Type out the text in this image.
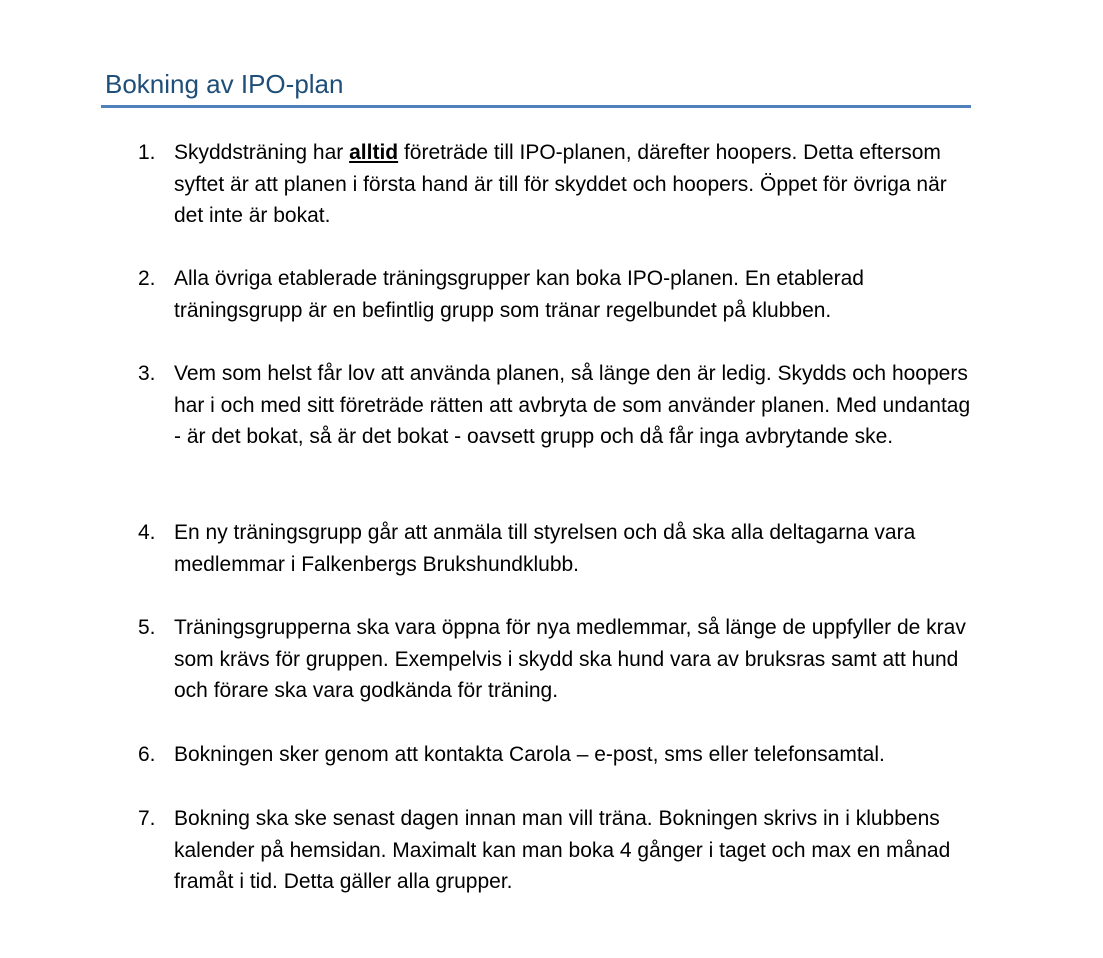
Bokning av IPO-plan
1. Skyddsträning har alltid företräde till IPO-planen, därefter hoopers. Detta eftersom syftet är att planen i första hand är till för skyddet och hoopers. Öppet för övriga när det inte är bokat.
2. Alla övriga etablerade träningsgrupper kan boka IPO-planen. En etablerad träningsgrupp är en befintlig grupp som tränar regelbundet på klubben.
3. Vem som helst får lov att använda planen, så länge den är ledig. Skydds och hoopers har i och med sitt företräde rätten att avbryta de som använder planen. Med undantag - är det bokat, så är det bokat - oavsett grupp och då får inga avbrytande ske.
4. En ny träningsgrupp går att anmäla till styrelsen och då ska alla deltagarna vara medlemmar i Falkenbergs Brukshundklubb.
5. Träningsgrupperna ska vara öppna för nya medlemmar, så länge de uppfyller de krav som krävs för gruppen. Exempelvis i skydd ska hund vara av bruksras samt att hund och förare ska vara godkända för träning.
6. Bokningen sker genom att kontakta Carola – e-post, sms eller telefonsamtal.
7. Bokning ska ske senast dagen innan man vill träna. Bokningen skrivs in i klubbens kalender på hemsidan. Maximalt kan man boka 4 gånger i taget och max en månad framåt i tid. Detta gäller alla grupper.
